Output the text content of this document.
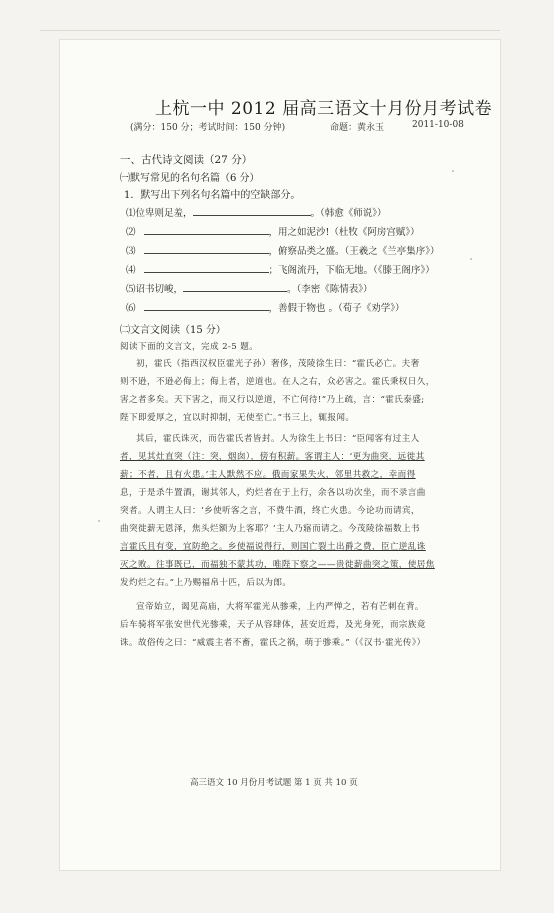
上杭一中 2012 届高三语文十月份月考试卷
(满分：150 分；考试时间：150 分钟)	命题：黄永玉	2011-10-08
一、古代诗文阅读（27 分）
㈠默写常见的名句名篇（6 分）
1．默写出下列名句名篇中的空缺部分。
⑴位卑则足羞，	。（韩愈《师说》）
⑵	，用之如泥沙!（杜牧《阿房宫赋》）
⑶	，俯察品类之盛。（王羲之《兰亭集序》）
⑷	；飞阁流丹，下临无地。（《滕王阁序》）
⑸诏书切峻，	。（李密《陈情表》）
⑹	，善假于物也 。（荀子《劝学》）
㈡文言文阅读（15 分）
阅读下面的文言文，完成 2-5 题。
初，霍氏（指西汉权臣霍光子孙）奢侈，茂陵徐生曰：“霍氏必亡。夫奢
则不逊，不逊必侮上；侮上者，逆道也。在人之右，众必害之。霍氏秉权日久，
害之者多矣。天下害之，而又行以逆道，不亡何待!”乃上疏，言：“霍氏泰盛;
陛下即爱厚之，宜以时抑制，无使至亡。”书三上，辄报闻。
其后，霍氏诛灭，而告霍氏者皆封。人为徐生上书曰：“臣闻客有过主人
者，见其灶直突（注：突，烟囱），傍有积薪。客谓主人：‘更为曲突，远徙其
薪；不者，且有火患。’主人默然不应。俄而家果失火，邻里共救之，幸而得
息，于是杀牛置酒，谢其邻人，灼烂者在于上行，余各以功次坐，而不录言曲
突者。人谓主人曰：‘乡使听客之言，不费牛酒，终亡火患。今论功而请宾，
曲突徙薪无恩泽，焦头烂额为上客耶？’主人乃寤而请之。今茂陵徐福数上书
言霍氏且有变，宜防绝之。乡使福说得行，则国亡裂土出爵之费，臣亡逆乱诛
灭之败。往事既已，而福独不蒙其功，唯陛下察之——贵徙薪曲突之策，使居焦
发灼烂之右。”上乃赐福帛十匹，后以为郎。
宣帝始立，谒见高庙，大将军霍光从骖乘，上内严惮之，若有芒刺在背。
后车骑将军张安世代光骖乘，天子从容肆体，甚安近焉，及光身死，而宗族竟
诛。故俗传之曰：“威震主者不畜，霍氏之祸，萌于骖乘。”（《汉书·霍光传》）
高三语文 10 月份月考试题 第 1 页 共 10 页
